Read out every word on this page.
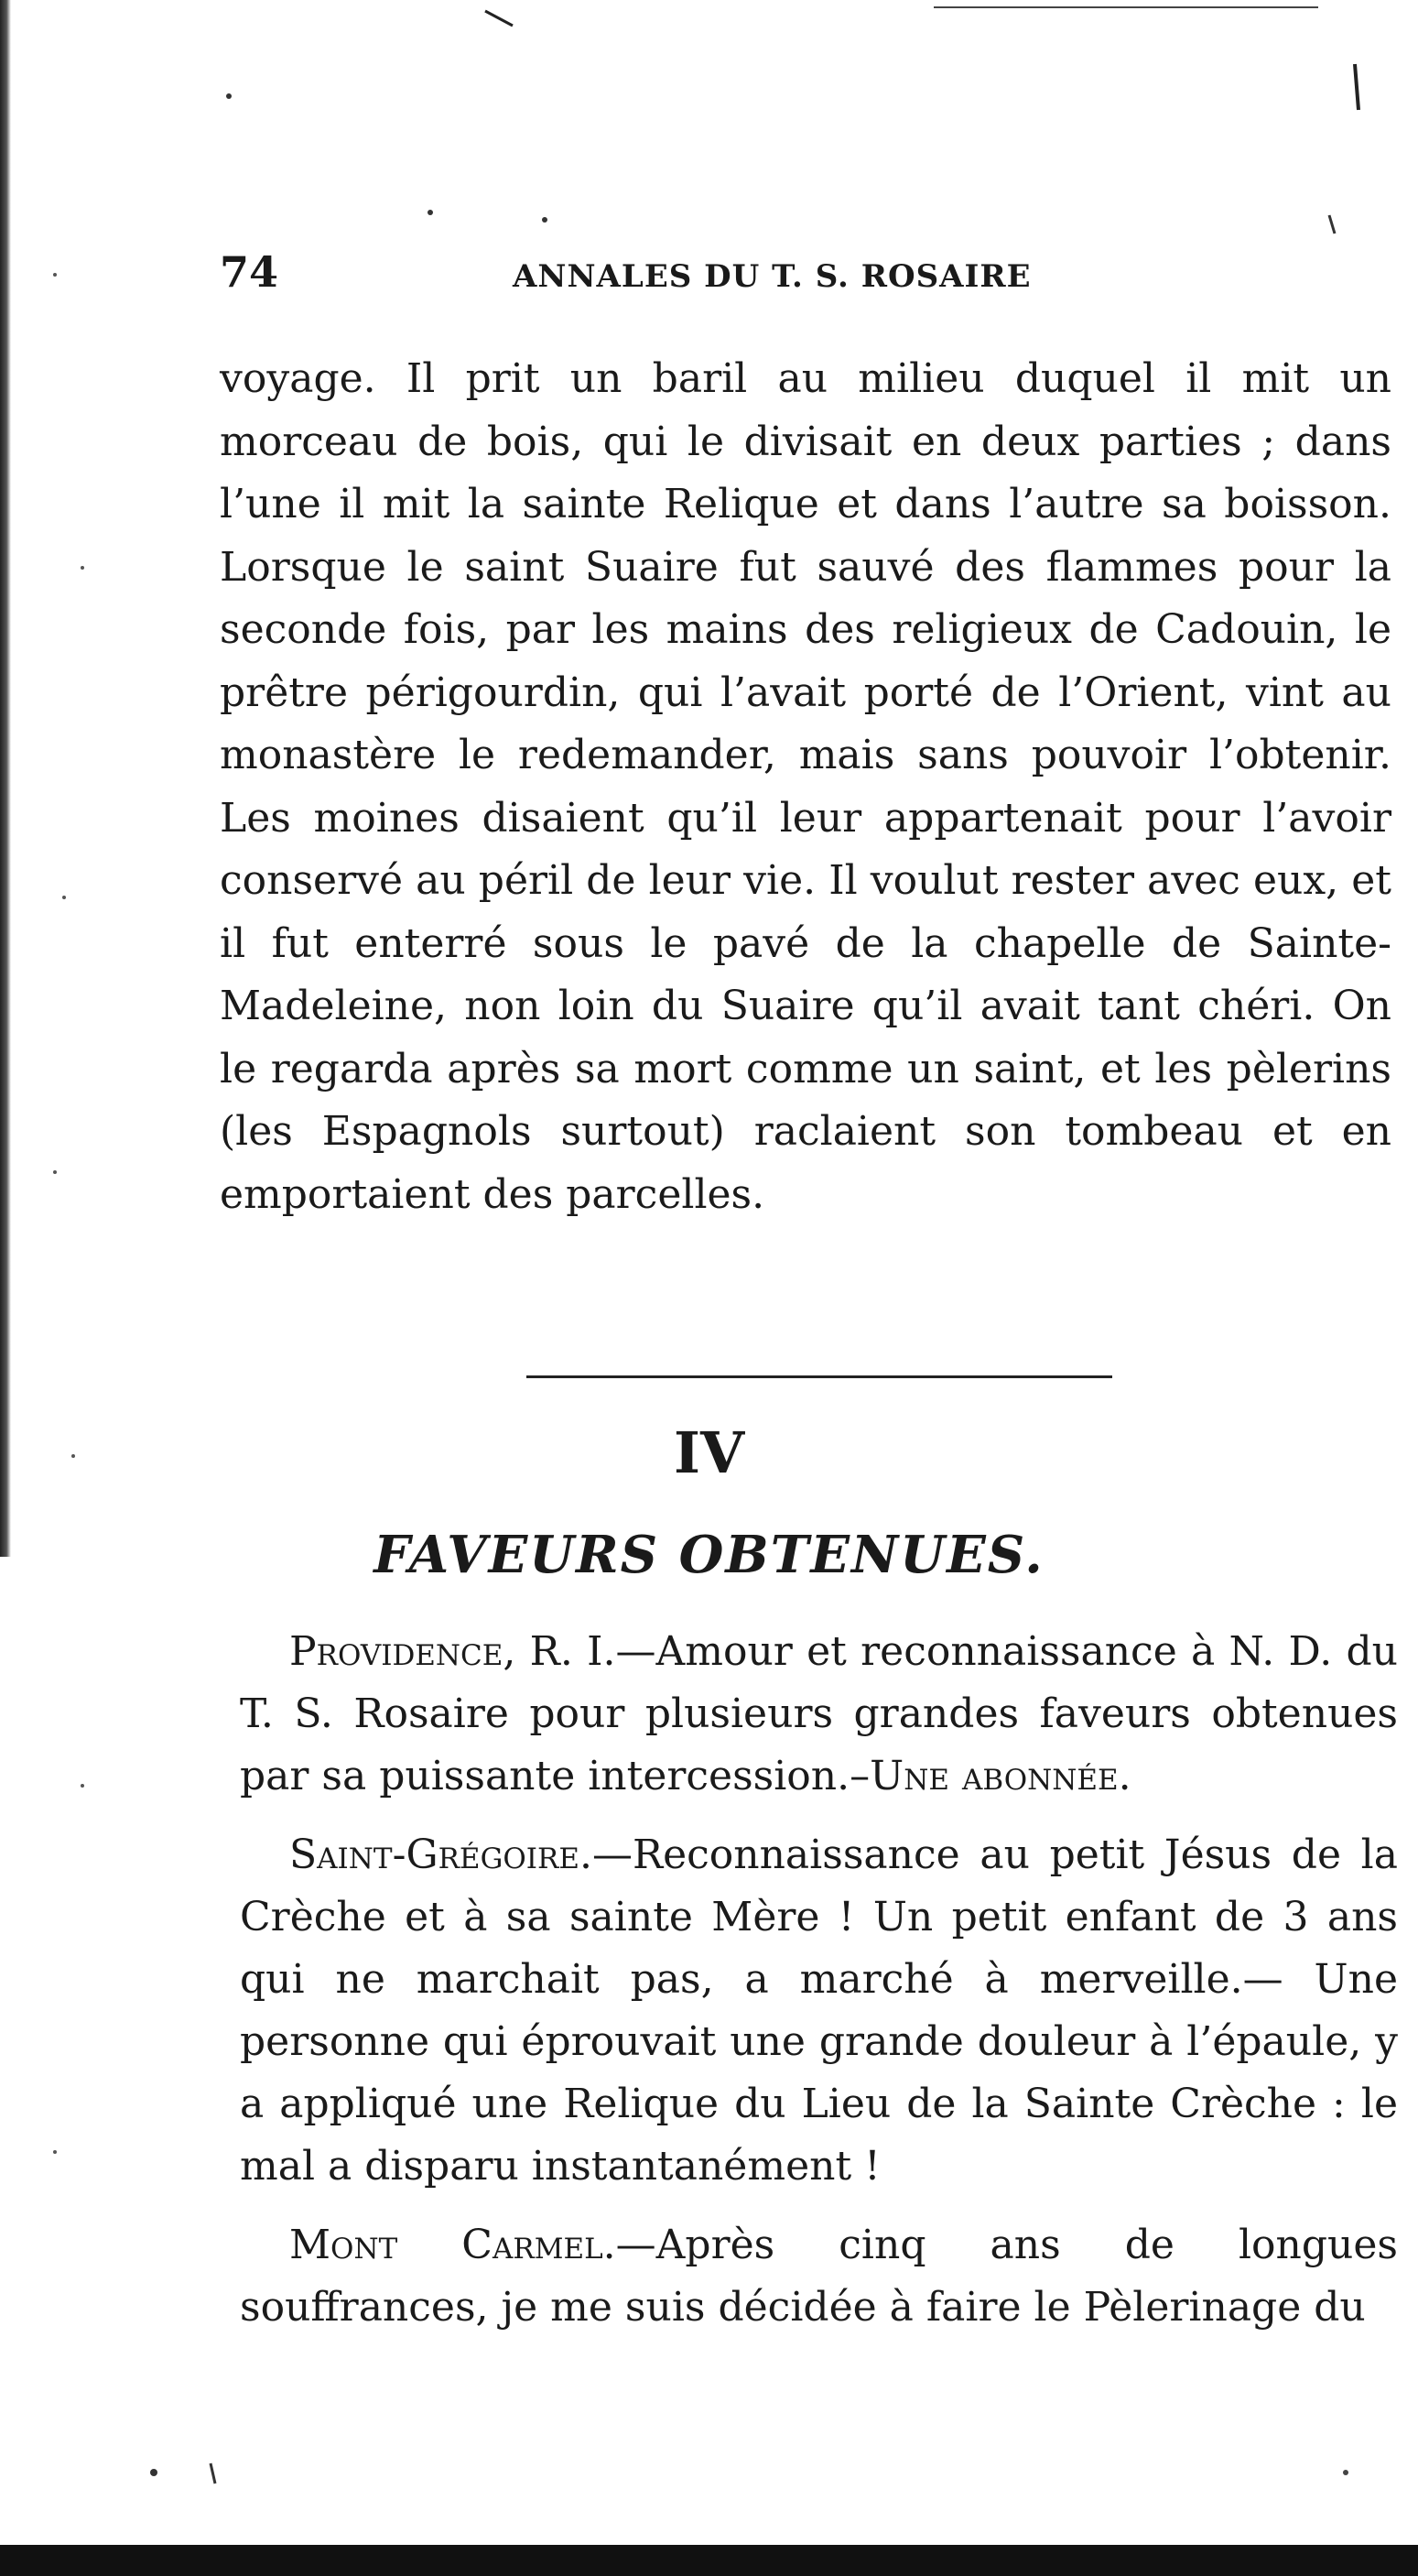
74	ANNALES DU T. S. ROSAIRE

voyage. Il prit un baril au milieu duquel il mit un morceau de bois, qui le divisait en deux parties ; dans l’une il mit la sainte Relique et dans l’autre sa boisson. Lorsque le saint Suaire fut sauvé des flammes pour la seconde fois, par les mains des religieux de Cadouin, le prêtre périgourdin, qui l’avait porté de l’Orient, vint au monastère le redemander, mais sans pouvoir l’obtenir. Les moines disaient qu’il leur appartenait pour l’avoir conservé au péril de leur vie. Il voulut rester avec eux, et il fut enterré sous le pavé de la chapelle de Sainte-Madeleine, non loin du Suaire qu’il avait tant chéri. On le regarda après sa mort comme un saint, et les pèlerins (les Espagnols surtout) raclaient son tombeau et en emportaient des parcelles.

IV
FAVEURS OBTENUES.

Providence, R. I.—Amour et reconnaissance à N. D. du T. S. Rosaire pour plusieurs grandes faveurs obtenues par sa puissante intercession.–Une abonnée.

Saint-Grégoire.—Reconnaissance au petit Jésus de la Crèche et à sa sainte Mère ! Un petit enfant de 3 ans qui ne marchait pas, a marché à merveille.— Une personne qui éprouvait une grande douleur à l’épaule, y a appliqué une Relique du Lieu de la Sainte Crèche : le mal a disparu instantanément !

Mont Carmel.—Après cinq ans de longues souffrances, je me suis décidée à faire le Pèlerinage du
